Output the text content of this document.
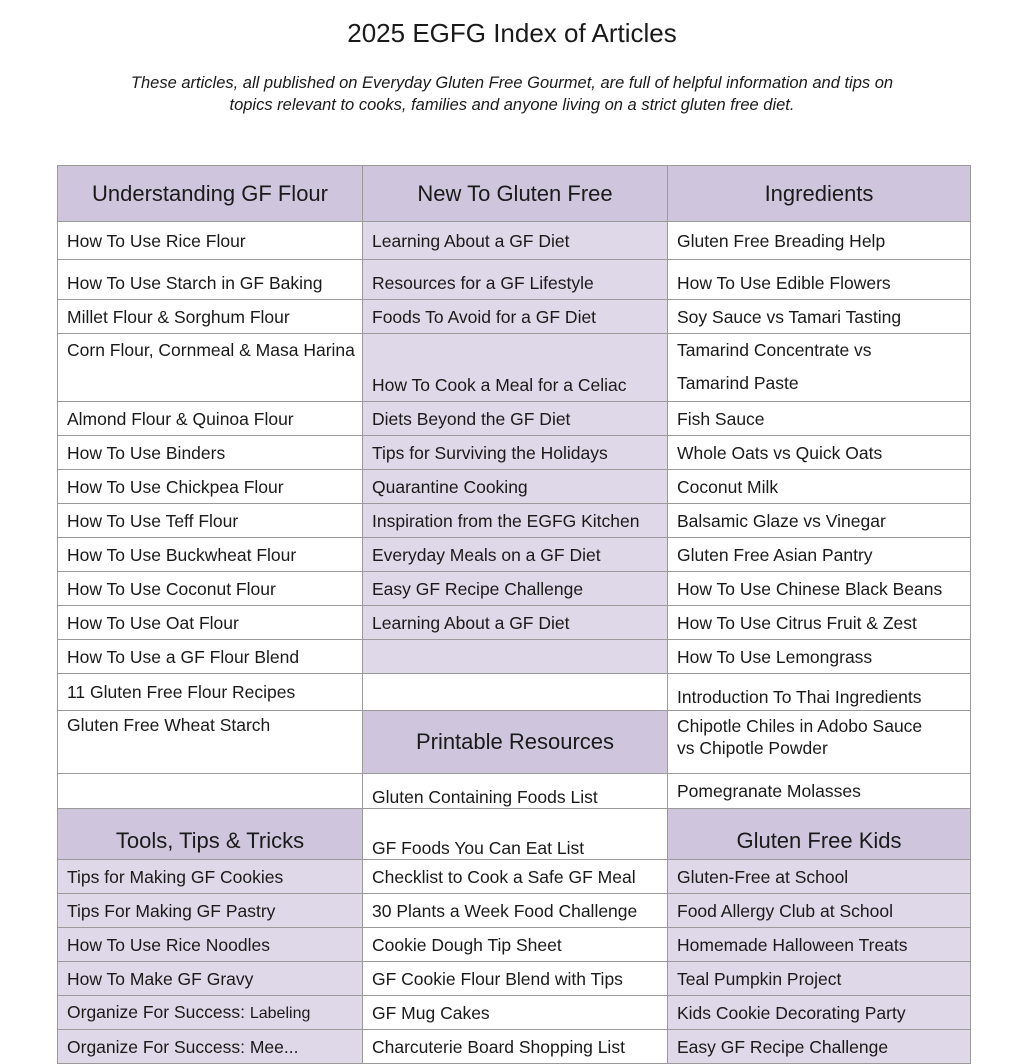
2025 EGFG Index of Articles
These articles, all published on Everyday Gluten Free Gourmet, are full of helpful information and tips on
topics relevant to cooks, families and anyone living on a strict gluten free diet.
Understanding GF Flour	New To Gluten Free	Ingredients
How To Use Rice Flour	Learning About a GF Diet	Gluten Free Breading Help
How To Use Starch in GF Baking	Resources for a GF Lifestyle	How To Use Edible Flowers
Millet Flour & Sorghum Flour	Foods To Avoid for a GF Diet	Soy Sauce vs Tamari Tasting
Corn Flour, Cornmeal & Masa Harina	How To Cook a Meal for a Celiac	Tamarind Concentrate vs
Tamarind Paste
Almond Flour & Quinoa Flour	Diets Beyond the GF Diet	Fish Sauce
How To Use Binders	Tips for Surviving the Holidays	Whole Oats vs Quick Oats
How To Use Chickpea Flour	Quarantine Cooking	Coconut Milk
How To Use Teff Flour	Inspiration from the EGFG Kitchen	Balsamic Glaze vs Vinegar
How To Use Buckwheat Flour	Everyday Meals on a GF Diet	Gluten Free Asian Pantry
How To Use Coconut Flour	Easy GF Recipe Challenge	How To Use Chinese Black Beans
How To Use Oat Flour	Learning About a GF Diet	How To Use Citrus Fruit & Zest
How To Use a GF Flour Blend		How To Use Lemongrass
11 Gluten Free Flour Recipes		Introduction To Thai Ingredients
Gluten Free Wheat Starch	Printable Resources	Chipotle Chiles in Adobo Sauce
vs Chipotle Powder
	Gluten Containing Foods List	Pomegranate Molasses
Tools, Tips & Tricks	GF Foods You Can Eat List	Gluten Free Kids
Tips for Making GF Cookies	Checklist to Cook a Safe GF Meal	Gluten-Free at School
Tips For Making GF Pastry	30 Plants a Week Food Challenge	Food Allergy Club at School
How To Use Rice Noodles	Cookie Dough Tip Sheet	Homemade Halloween Treats
How To Make GF Gravy	GF Cookie Flour Blend with Tips	Teal Pumpkin Project
Organize For Success: Labeling	GF Mug Cakes	Kids Cookie Decorating Party
Organize For Success: Mee...	Charcuterie Board Shopping List	Easy GF Recipe Challenge
